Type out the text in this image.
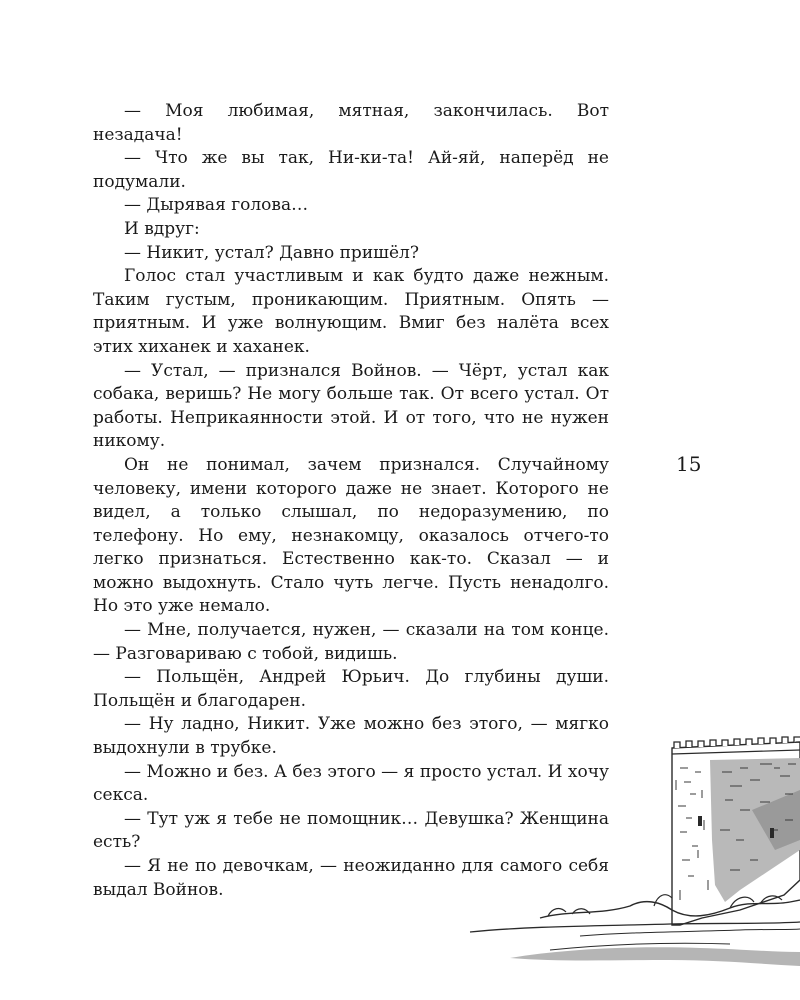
— Моя любимая, мятная, закончилась. Вот незадача!

— Что же вы так, Ни-ки-та! Ай-яй, наперёд не подумали.

— Дырявая голова…

И вдруг:

— Никит, устал? Давно пришёл?

Голос стал участливым и как будто даже нежным. Таким густым, проникающим. Приятным. Опять — приятным. И уже волнующим. Вмиг без налёта всех этих хиханек и хаханек.

— Устал, — признался Войнов. — Чёрт, устал как собака, веришь? Не могу больше так. От всего устал. От работы. Неприкаянности этой. И от того, что не нужен никому.

Он не понимал, зачем признался. Случайному человеку, имени которого даже не знает. Которого не видел, а только слышал, по недоразумению, по телефону. Но ему, незнакомцу, оказалось отчего-то легко признаться. Естественно как-то. Сказал — и можно выдохнуть. Стало чуть легче. Пусть ненадолго. Но это уже немало.

— Мне, получается, нужен, — сказали на том конце. — Разговариваю с тобой, видишь.

— Польщён, Андрей Юрьич. До глубины души. Польщён и благодарен.

— Ну ладно, Никит. Уже можно без этого, — мягко выдохнули в трубке.

— Можно и без. А без этого — я просто устал. И хочу секса.

— Тут уж я тебе не помощник… Девушка? Женщина есть?

— Я не по девочкам, — неожиданно для самого себя выдал Войнов.

15
